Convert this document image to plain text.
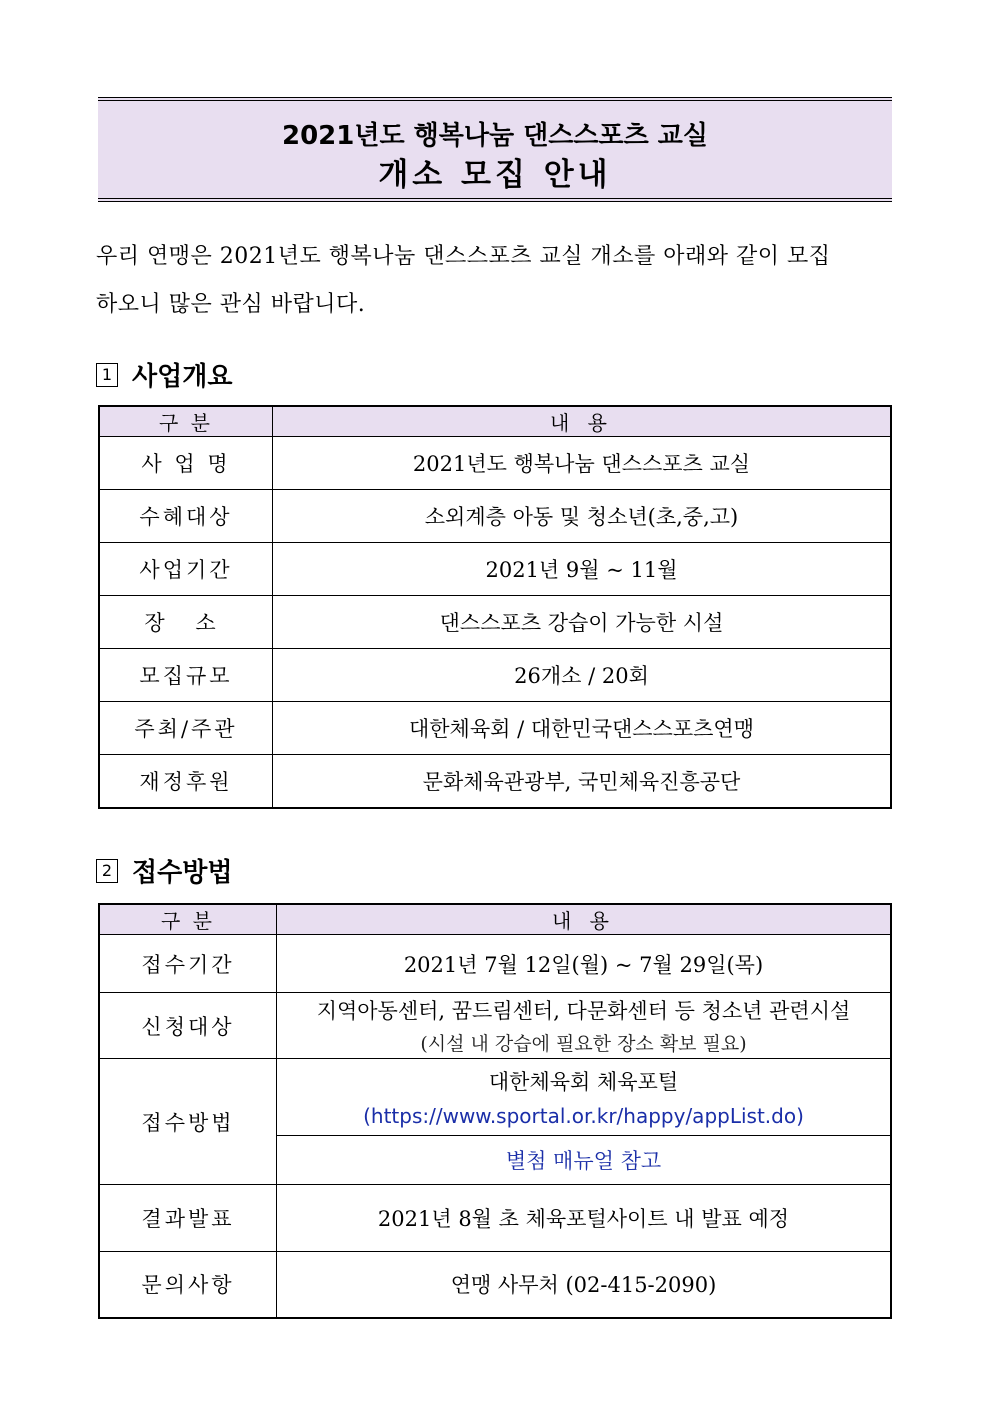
2021년도 행복나눔 댄스스포츠 교실
개소 모집 안내
우리 연맹은 2021년도 행복나눔 댄스스포츠 교실 개소를 아래와 같이 모집
하오니 많은 관심 바랍니다.
1 사업개요
구 분	내 용
사 업 명	2021년도 행복나눔 댄스스포츠 교실
수혜대상	소외계층 아동 및 청소년(초,중,고)
사업기간	2021년 9월 ~ 11월
장 소	댄스스포츠 강습이 가능한 시설
모집규모	26개소 / 20회
주최/주관	대한체육회 / 대한민국댄스스포츠연맹
재정후원	문화체육관광부, 국민체육진흥공단
2 접수방법
구 분	내 용
접수기간	2021년 7월 12일(월) ~ 7월 29일(목)
신청대상	지역아동센터, 꿈드림센터, 다문화센터 등 청소년 관련시설
(시설 내 강습에 필요한 장소 확보 필요)

접수방법	대한체육회 체육포털
(https://www.sportal.or.kr/happy/appList.do)

	별첨 매뉴얼 참고
결과발표	2021년 8월 초 체육포털사이트 내 발표 예정
문의사항	연맹 사무처 (02-415-2090)
